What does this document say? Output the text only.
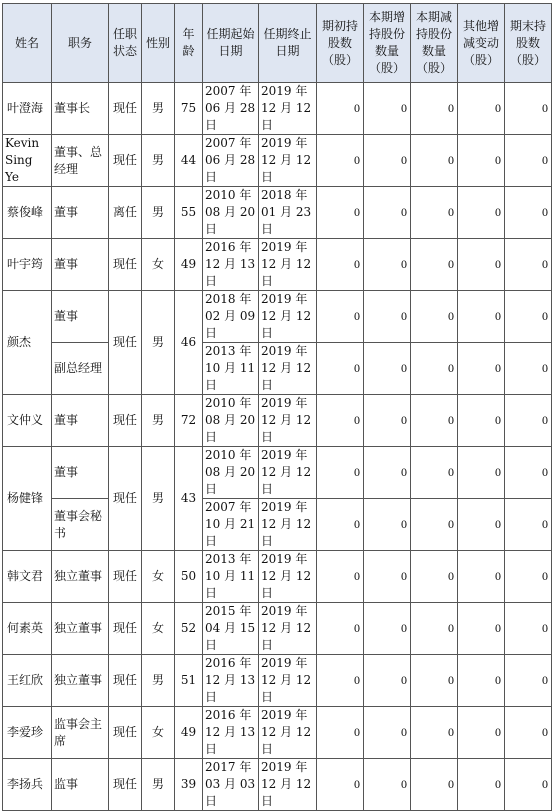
姓名	职务	任职状态	性别	年龄	任期起始日期	任期终止日期	期初持股数（股）	本期增持股份数量（股）	本期减持股份数量（股）	其他增减变动（股）	期末持股数（股）
叶澄海	董事长	现任	男	75	2007 年 06 月 28 日	2019 年 12 月 12 日	0	0	0	0	0
Kevin Sing Ye	董事、总经理	现任	男	44	2007 年 06 月 28 日	2019 年 12 月 12 日	0	0	0	0	0
蔡俊峰	董事	离任	男	55	2010 年 08 月 20 日	2018 年 01 月 23 日	0	0	0	0	0
叶宇筠	董事	现任	女	49	2016 年 12 月 13 日	2019 年 12 月 12 日	0	0	0	0	0
颜杰	董事	现任	男	46	2018 年 02 月 09 日	2019 年 12 月 12 日	0	0	0	0	0
	副总经理				2013 年 10 月 11 日	2019 年 12 月 12 日	0	0	0	0	0
文仲义	董事	现任	男	72	2010 年 08 月 20 日	2019 年 12 月 12 日	0	0	0	0	0
杨健锋	董事	现任	男	43	2010 年 08 月 20 日	2019 年 12 月 12 日	0	0	0	0	0
	董事会秘书				2007 年 10 月 21 日	2019 年 12 月 12 日	0	0	0	0	0
韩文君	独立董事	现任	女	50	2013 年 10 月 11 日	2019 年 12 月 12 日	0	0	0	0	0
何素英	独立董事	现任	女	52	2015 年 04 月 15 日	2019 年 12 月 12 日	0	0	0	0	0
王红欣	独立董事	现任	男	51	2016 年 12 月 13 日	2019 年 12 月 12 日	0	0	0	0	0
李爱珍	监事会主席	现任	女	49	2016 年 12 月 13 日	2019 年 12 月 12 日	0	0	0	0	0
李扬兵	监事	现任	男	39	2017 年 03 月 03 日	2019 年 12 月 12 日	0	0	0	0	0
